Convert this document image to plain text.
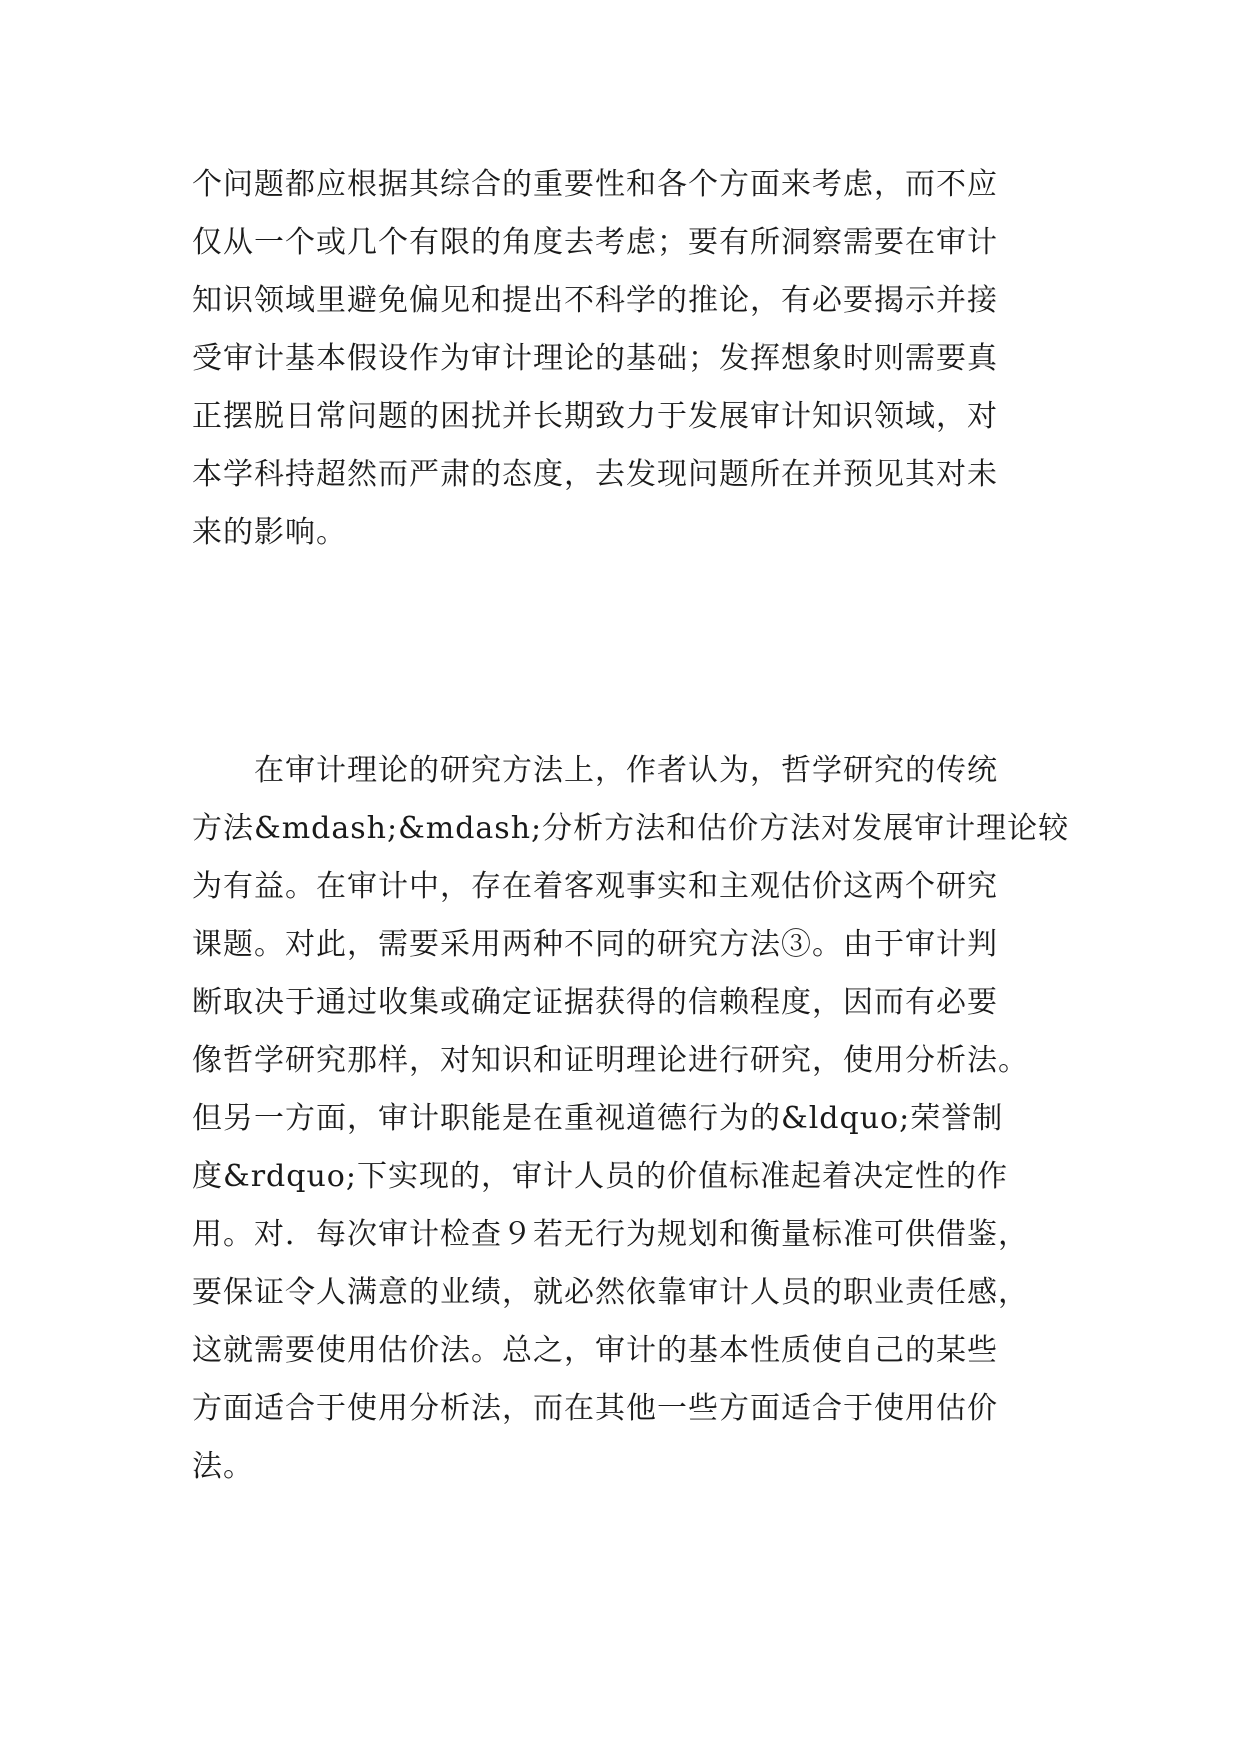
个问题都应根据其综合的重要性和各个方面来考虑，而不应
仅从一个或几个有限的角度去考虑；要有所洞察需要在审计
知识领域里避免偏见和提出不科学的推论，有必要揭示并接
受审计基本假设作为审计理论的基础；发挥想象时则需要真
正摆脱日常问题的困扰并长期致力于发展审计知识领域，对
本学科持超然而严肃的态度，去发现问题所在并预见其对未
来的影响。
在审计理论的研究方法上，作者认为，哲学研究的传统
方法&mdash;&mdash;分析方法和估价方法对发展审计理论较
为有益。在审计中，存在着客观事实和主观估价这两个研究
课题。对此，需要采用两种不同的研究方法③。由于审计判
断取决于通过收集或确定证据获得的信赖程度，因而有必要
像哲学研究那样，对知识和证明理论进行研究，使用分析法。
但另一方面，审计职能是在重视道德行为的&ldquo;荣誉制
度&rdquo;下实现的，审计人员的价值标准起着决定性的作
用。对．每次审计检查９若无行为规划和衡量标准可供借鉴，
要保证令人满意的业绩，就必然依靠审计人员的职业责任感，
这就需要使用估价法。总之，审计的基本性质使自己的某些
方面适合于使用分析法，而在其他一些方面适合于使用估价
法。
